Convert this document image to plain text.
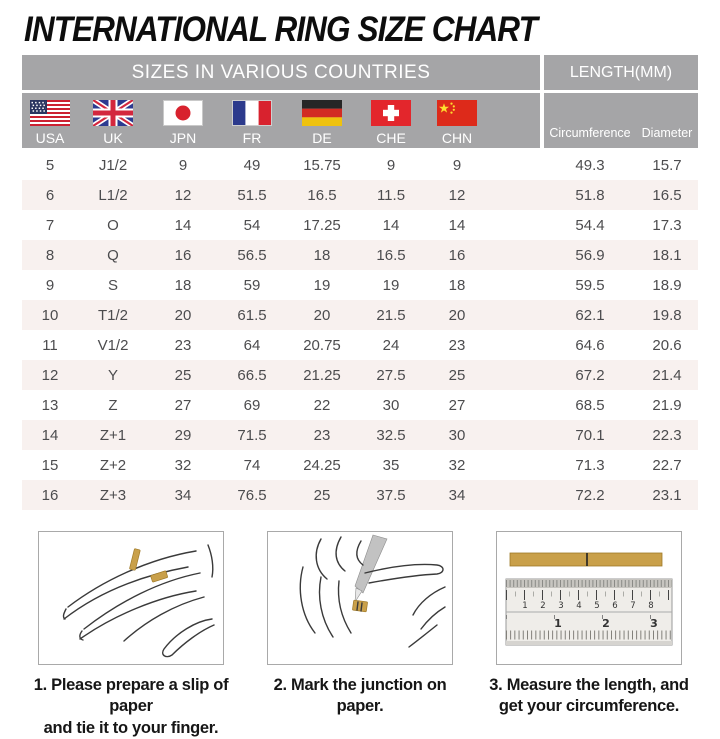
INTERNATIONAL RING SIZE CHART
SIZES IN VARIOUS COUNTRIES	LENGTH(MM)
USA	UK	JPN	FR	DE	CHE	CHN	Circumference Diameter
5	J1/2	9	49	15.75	9	9	49.3	15.7
6	L1/2	12	51.5	16.5	11.5	12	51.8	16.5
7	O	14	54	17.25	14	14	54.4	17.3
8	Q	16	56.5	18	16.5	16	56.9	18.1
9	S	18	59	19	19	18	59.5	18.9
10	T1/2	20	61.5	20	21.5	20	62.1	19.8
11	V1/2	23	64	20.75	24	23	64.6	20.6
12	Y	25	66.5	21.25	27.5	25	67.2	21.4
13	Z	27	69	22	30	27	68.5	21.9
14	Z+1	29	71.5	23	32.5	30	70.1	22.3
15	Z+2	32	74	24.25	35	32	71.3	22.7
16	Z+3	34	76.5	25	37.5	34	72.2	23.1
1. Please prepare a slip of paper
and tie it to your finger.
2. Mark the junction on paper.
1 2 3 4 5 6 7 8
1	2	3
3. Measure the length, and
get your circumference.
